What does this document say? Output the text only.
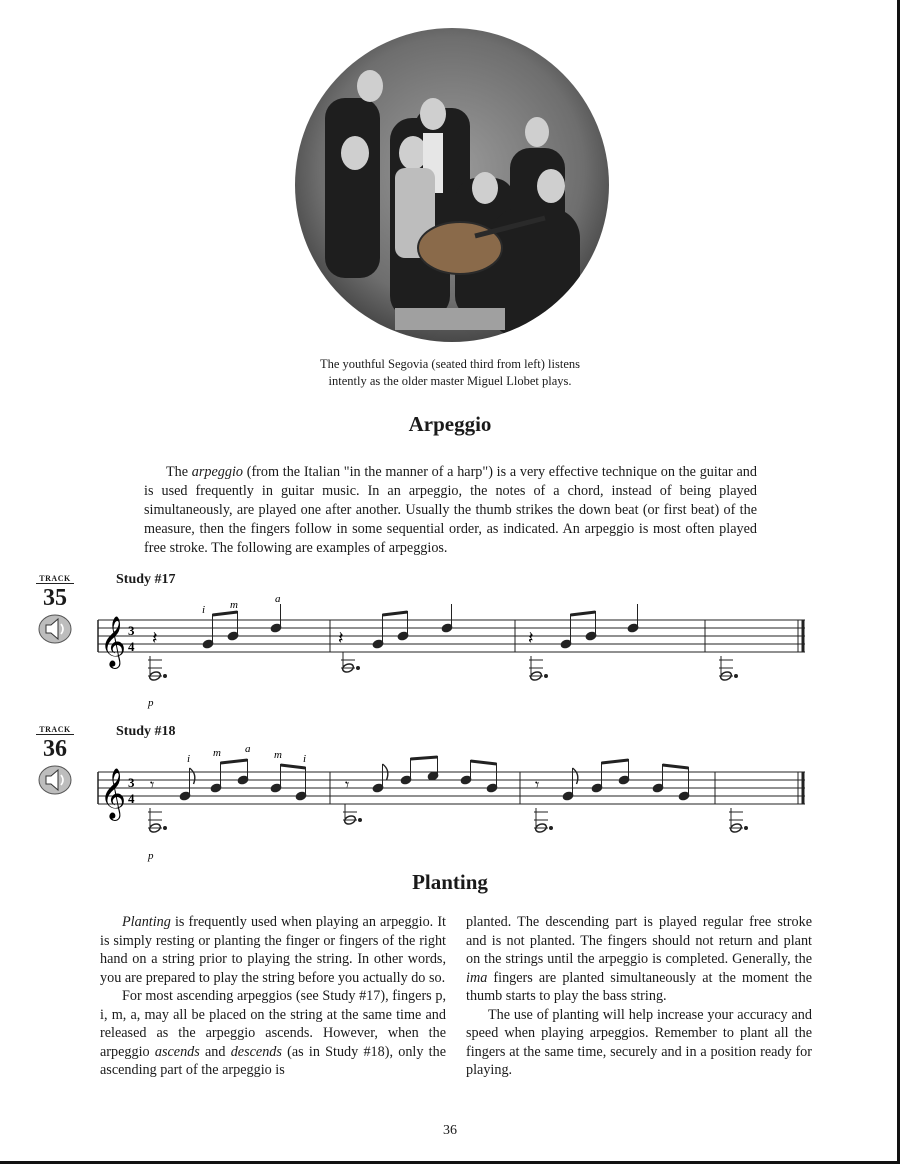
The youthful Segovia (seated third from left) listens
intently as the older master Miguel Llobet plays.
Arpeggio

The arpeggio (from the Italian "in the manner of a harp") is a very effective technique on the guitar and is used frequently in guitar music. In an arpeggio, the notes of a chord, instead of being played simultaneously, are played one after another. Usually the thumb strikes the down beat (or first beat) of the measure, then the fingers follow in some sequential order, as indicated. An arpeggio is most often played free stroke. The following are examples of arpeggios.

TRACK
35
Study #17
𝄞 3
4 𝄽
i m	a
p
𝄽	𝄽
TRACK
36
Study #18
𝄞 3
4
𝄾
i m a m i
p
𝄾	𝄾
Planting

Planting is frequently used when playing an arpeggio. It is simply resting or planting the finger or fingers of the right hand on a string prior to playing the string. In other words, you are prepared to play the string before you actually do so.

For most ascending arpeggios (see Study #17), fingers p, i, m, a, may all be placed on the string at the same time and released as the arpeggio ascends. However, when the arpeggio ascends and descends (as in Study #18), only the ascending part of the arpeggio is

planted. The descending part is played regular free stroke and is not planted. The fingers should not return and plant on the strings until the arpeggio is completed. Generally, the ima fingers are planted simultaneously at the moment the thumb starts to play the bass string.

The use of planting will help increase your accuracy and speed when playing arpeggios. Remember to plant all the fingers at the same time, securely and in a position ready for playing.

36
